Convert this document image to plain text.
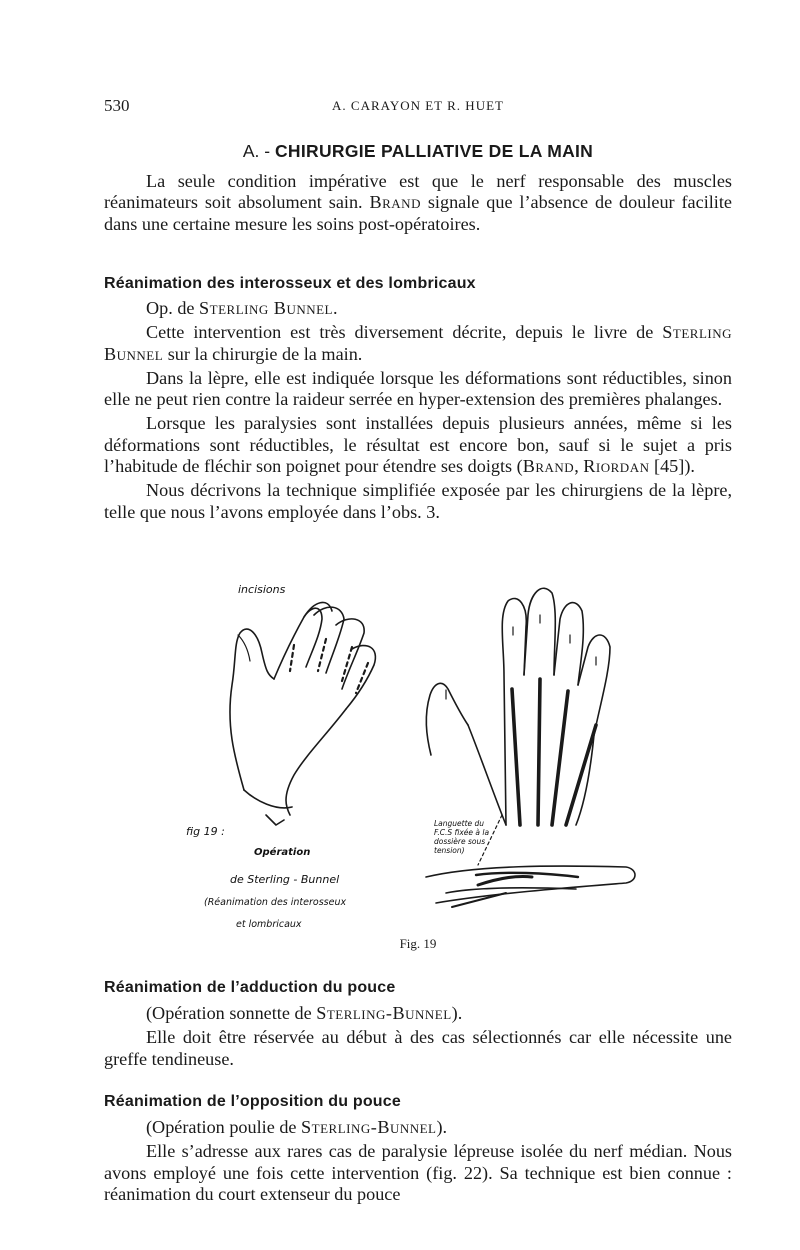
530	A. CARAYON ET R. HUET
A. - CHIRURGIE PALLIATIVE DE LA MAIN

La seule condition impérative est que le nerf responsable des muscles réanimateurs soit absolument sain. Brand signale que l’absence de douleur facilite dans une certaine mesure les soins post-opératoires.

Réanimation des interosseux et des lombricaux

Op. de Sterling Bunnel.

Cette intervention est très diversement décrite, depuis le livre de Sterling Bunnel sur la chirurgie de la main.

Dans la lèpre, elle est indiquée lorsque les déformations sont réductibles, sinon elle ne peut rien contre la raideur serrée en hyper-extension des premières phalanges.

Lorsque les paralysies sont installées depuis plusieurs années, même si les déformations sont réductibles, le résultat est encore bon, sauf si le sujet a pris l’habitude de fléchir son poignet pour étendre ses doigts (Brand, Riordan [45]).

Nous décrivons la technique simplifiée exposée par les chirurgiens de la lèpre, telle que nous l’avons employée dans l’obs. 3.

incisions
fig 19 :
Opération
de Sterling - Bunnel
(Réanimation des interosseux
et lombricaux
Languette du F.C.S fixée à la dossière sous tension)
Fig. 19
Réanimation de l’adduction du pouce

(Opération sonnette de Sterling-Bunnel).

Elle doit être réservée au début à des cas sélectionnés car elle nécessite une greffe tendineuse.

Réanimation de l’opposition du pouce

(Opération poulie de Sterling-Bunnel).

Elle s’adresse aux rares cas de paralysie lépreuse isolée du nerf médian. Nous avons employé une fois cette intervention (fig. 22). Sa technique est bien connue : réanimation du court extenseur du pouce
